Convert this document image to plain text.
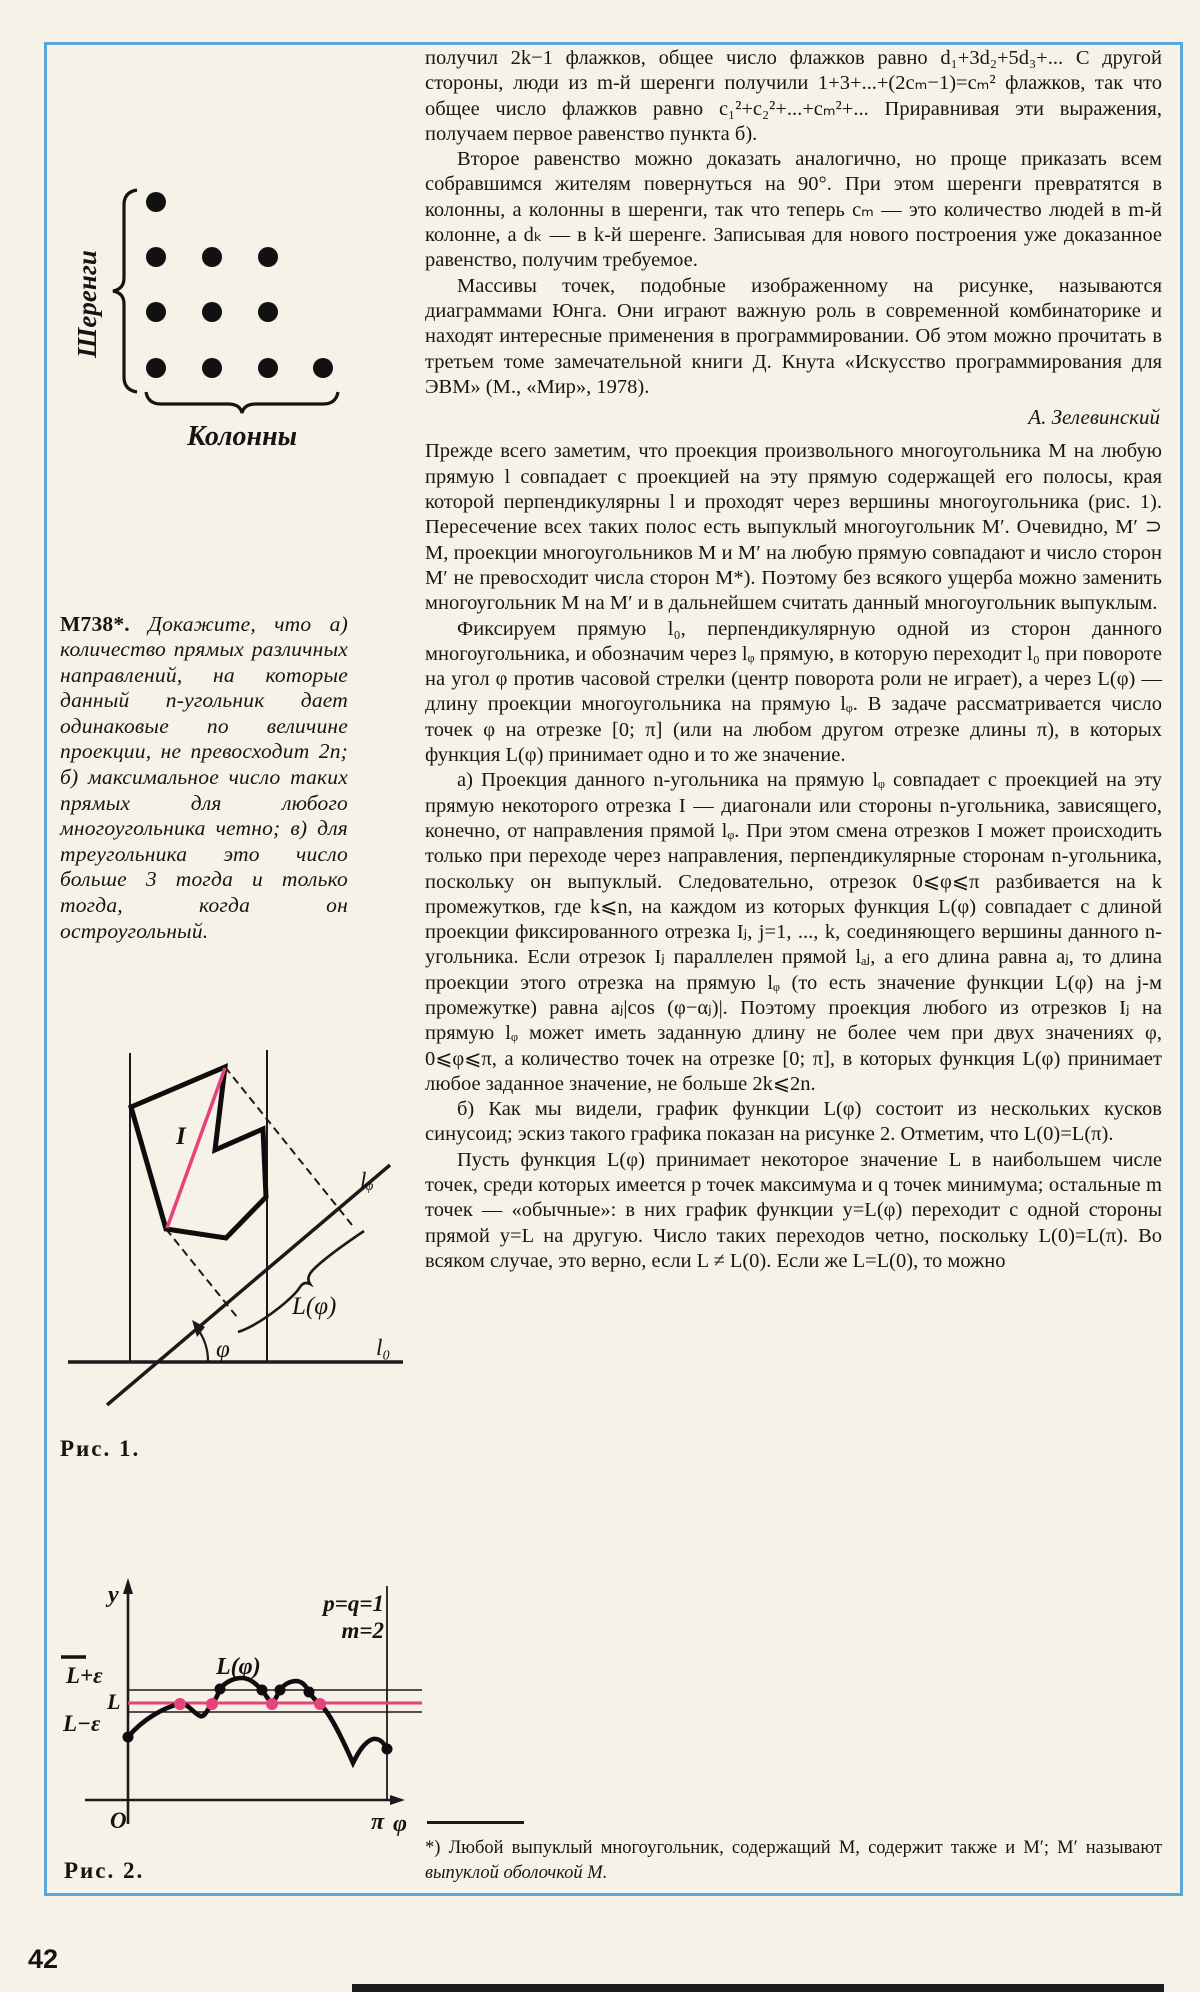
Шеренги
Колонны

М738*. Докажите, что а) количество прямых различных направлений, на которые данный n-угольник дает одинаковые по величине проекции, не превосходит 2n; б) максимальное число таких прямых для любого многоугольника четно; в) для треугольника это число больше 3 тогда и только тогда, когда он остроугольный.

l₀
lᵩ
I
L(φ)
φ
Рис. 1.
L+ε
L
L−ε
y
O	π φ
p=q=1
m=2
L(φ)
Рис. 2.

получил 2k−1 флажков, общее число флажков равно d₁+3d₂+5d₃+... С другой стороны, люди из m-й шеренги получили 1+3+...+(2cₘ−1)=cₘ² флажков, так что общее число флажков равно c₁²+c₂²+...+cₘ²+... Приравнивая эти выражения, получаем первое равенство пункта б).

Второе равенство можно доказать аналогично, но проще приказать всем собравшимся жителям повернуться на 90°. При этом шеренги превратятся в колонны, а колонны в шеренги, так что теперь cₘ — это количество людей в m-й колонне, а dₖ — в k-й шеренге. Записывая для нового построения уже доказанное равенство, получим требуемое.

Массивы точек, подобные изображенному на рисунке, называются диаграммами Юнга. Они играют важную роль в современной комбинаторике и находят интересные применения в программировании. Об этом можно прочитать в третьем томе замечательной книги Д. Кнута «Искусство программирования для ЭВМ» (М., «Мир», 1978).

А. Зелевинский

Прежде всего заметим, что проекция произвольного многоугольника M на любую прямую l совпадает с проекцией на эту прямую содержащей его полосы, края которой перпендикулярны l и проходят через вершины многоугольника (рис. 1). Пересечение всех таких полос есть выпуклый многоугольник M′. Очевидно, M′ ⊃ M, проекции многоугольников M и M′ на любую прямую совпадают и число сторон M′ не превосходит числа сторон M*). Поэтому без всякого ущерба можно заменить многоугольник M на M′ и в дальнейшем считать данный многоугольник выпуклым.

Фиксируем прямую l₀, перпендикулярную одной из сторон данного многоугольника, и обозначим через lᵩ прямую, в которую переходит l₀ при повороте на угол φ против часовой стрелки (центр поворота роли не играет), а через L(φ) — длину проекции многоугольника на прямую lᵩ. В задаче рассматривается число точек φ на отрезке [0; π] (или на любом другом отрезке длины π), в которых функция L(φ) принимает одно и то же значение.

а) Проекция данного n-угольника на прямую lᵩ совпадает с проекцией на эту прямую некоторого отрезка I — диагонали или стороны n-угольника, зависящего, конечно, от направления прямой lᵩ. При этом смена отрезков I может происходить только при переходе через направления, перпендикулярные сторонам n-угольника, поскольку он выпуклый. Следовательно, отрезок 0⩽φ⩽π разбивается на k промежутков, где k⩽n, на каждом из которых функция L(φ) совпадает с длиной проекции фиксированного отрезка Iⱼ, j=1, ..., k, соединяющего вершины данного n-угольника. Если отрезок Iⱼ параллелен прямой lₐⱼ, а его длина равна aⱼ, то длина проекции этого отрезка на прямую lᵩ (то есть значение функции L(φ) на j-м промежутке) равна aⱼ|cos (φ−αⱼ)|. Поэтому проекция любого из отрезков Iⱼ на прямую lᵩ может иметь заданную длину не более чем при двух значениях φ, 0⩽φ⩽π, а количество точек на отрезке [0; π], в которых функция L(φ) принимает любое заданное значение, не больше 2k⩽2n.

б) Как мы видели, график функции L(φ) состоит из нескольких кусков синусоид; эскиз такого графика показан на рисунке 2. Отметим, что L(0)=L(π).

Пусть функция L(φ) принимает некоторое значение L в наибольшем числе точек, среди которых имеется p точек максимума и q точек минимума; остальные m точек — «обычные»: в них график функции y=L(φ) переходит с одной стороны прямой y=L на другую. Число таких переходов четно, поскольку L(0)=L(π). Во всяком случае, это верно, если L ≠ L(0). Если же L=L(0), то можно

*) Любой выпуклый многоугольник, содержащий M, содержит также и M′; M′ называют выпуклой оболочкой M.
42
